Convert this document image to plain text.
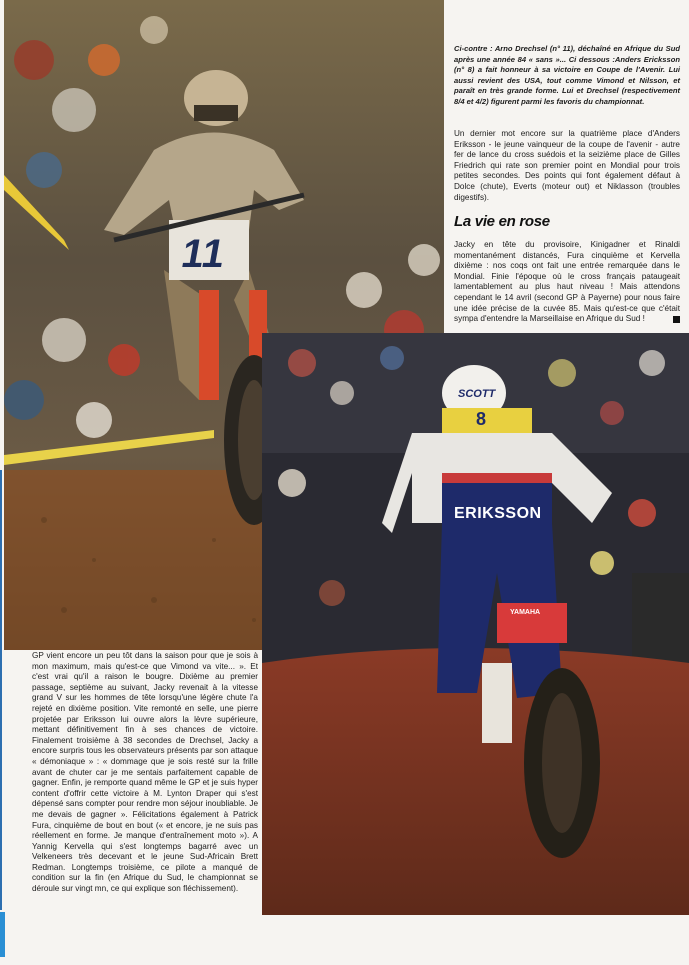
11
SCOTT
8
ERIKSSON
YAMAHA
Ci-contre : Arno Drechsel (n° 11), déchaîné en Afrique du Sud après une année 84 « sans »... Ci dessous :Anders Ericksson (n° 8) a fait honneur à sa victoire en Coupe de l'Avenir. Lui aussi revient des USA, tout comme Vimond et Nilsson, et paraît en très grande forme. Lui et Drechsel (respectivement 8/4 et 4/2) figurent parmi les favoris du championnat.
Un dernier mot encore sur la quatrième place d'Anders Eriksson - le jeune vainqueur de la coupe de l'avenir - autre fer de lance du cross suédois et la seizième place de Gilles Friedrich qui rate son premier point en Mondial pour trois petites secondes. Des points qui font également défaut à Dolce (chute), Everts (moteur out) et Niklasson (troubles digestifs).
La vie en rose
Jacky en tête du provisoire, Kinigadner et Rinaldi momentanément distancés, Fura cinquième et Kervella dixième : nos coqs ont fait une entrée remarquée dans le Mondial. Finie l'époque où le cross français pataugeait lamentablement au plus haut niveau ! Mais attendons cependant le 14 avril (second GP à Payerne) pour nous faire une idée précise de la cuvée 85. Mais qu'est-ce que c'était sympa d'entendre la Marseillaise en Afrique du Sud !
GP vient encore un peu tôt dans la saison pour que je sois à mon maximum, mais qu'est-ce que Vimond va vite... ». Et c'est vrai qu'il a raison le bougre. Dixième au premier passage, septième au suivant, Jacky revenait à la vitesse grand V sur les hommes de tête lorsqu'une légère chute l'a rejeté en dixième position. Vite remonté en selle, une pierre projetée par Eriksson lui ouvre alors la lèvre supérieure, mettant définitivement fin à ses chances de victoire. Finalement troisième à 38 secondes de Drechsel, Jacky a encore surpris tous les observateurs présents par son attaque « démoniaque » : « dommage que je sois resté sur la frille avant de chuter car je me sentais parfaitement capable de gagner. Enfin, je remporte quand même le GP et je suis hyper content d'offrir cette victoire à M. Lynton Draper qui s'est dépensé sans compter pour rendre mon séjour inoubliable. Je me devais de gagner ». Félicitations également à Patrick Fura, cinquième de bout en bout (« et encore, je ne suis pas réellement en forme. Je manque d'entraînement moto »). A Yannig Kervella qui s'est longtemps bagarré avec un Velkeneers très decevant et le jeune Sud-Africain Brett Redman. Longtemps troisième, ce pilote a manqué de condition sur la fin (en Afrique du Sud, le championnat se déroule sur vingt mn, ce qui explique son fléchissement).
